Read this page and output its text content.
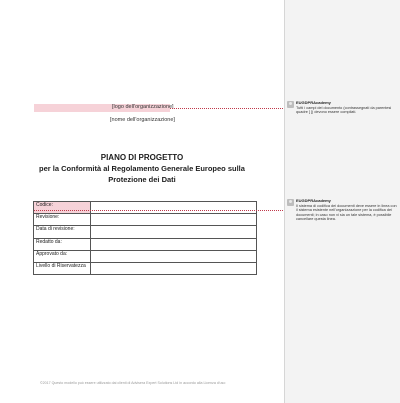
[logo dell'organizzazione]
[nome dell'organizzazione]
PIANO DI PROGETTO
per la Conformità al Regolamento Generale Europeo sulla
Protezione dei Dati
Codice:	
Revisione:	
Data di revisione:	
Redatto da:	
Approvato da:	
Livello di Riservatezza	
©2017 Questo modello può essere utilizzato dai clienti di Advisera Expert Solutions Ltd in accordo alla Licenza d'uso
EUGDPRAcademy
Tutti i campi del documento (contrassegnati da parentesi quadre [ ]) devono essere compilati.
EUGDPRAcademy
Il sistema di codifica dei documenti deve essere in linea con il sistema esistente nell'organizzazione per la codifica dei documenti; in caso non vi sia un tale sistema, è possibile cancellare questa linea.
